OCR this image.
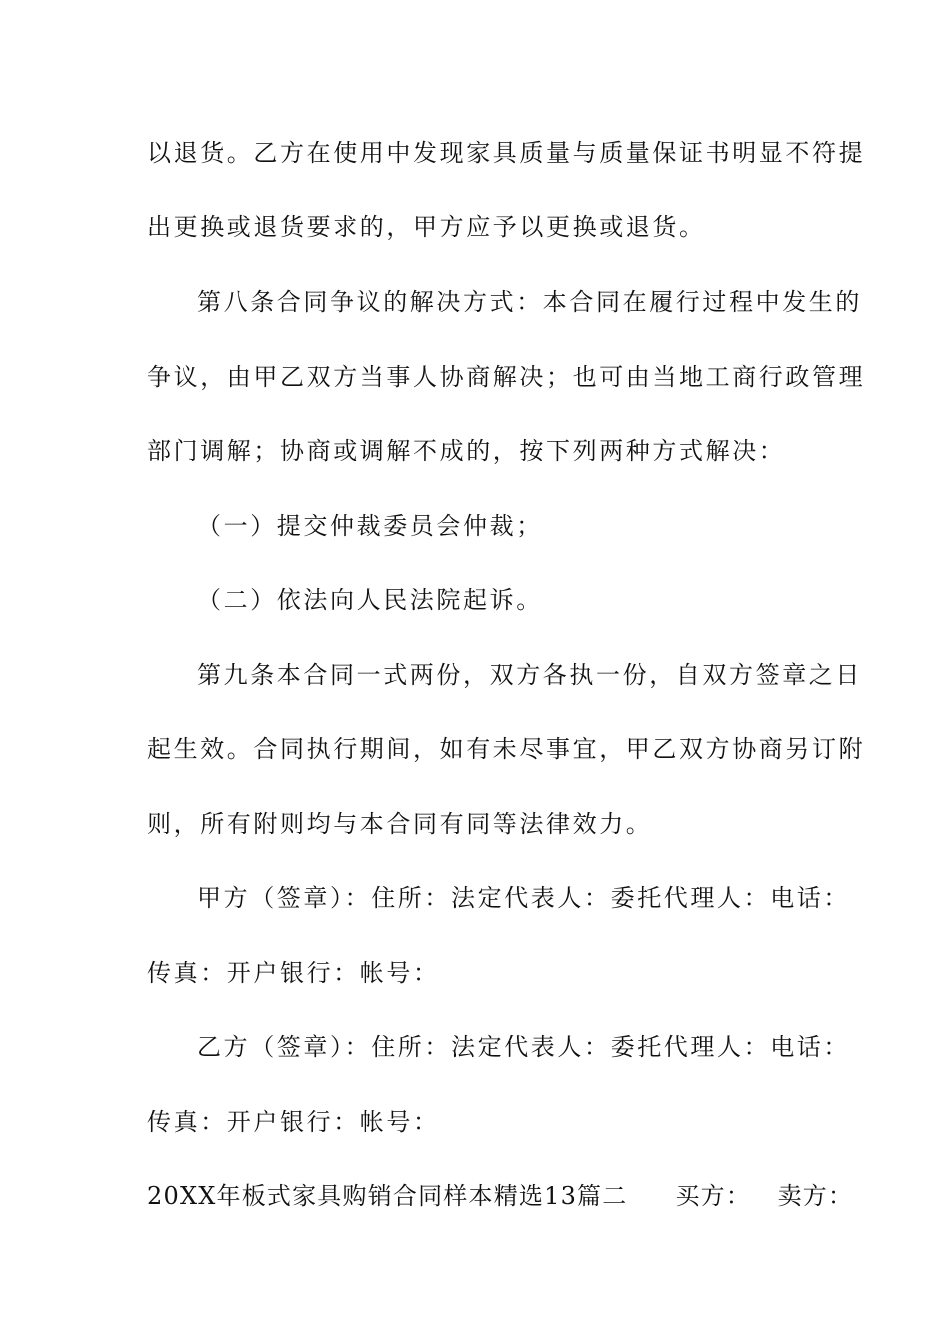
以退货。乙方在使用中发现家具质量与质量保证书明显不符提
出更换或退货要求的，甲方应予以更换或退货。
第八条合同争议的解决方式：本合同在履行过程中发生的
争议，由甲乙双方当事人协商解决；也可由当地工商行政管理
部门调解；协商或调解不成的，按下列两种方式解决：
（一）提交仲裁委员会仲裁；
（二）依法向人民法院起诉。
第九条本合同一式两份，双方各执一份，自双方签章之日
起生效。合同执行期间，如有未尽事宜，甲乙双方协商另订附
则，所有附则均与本合同有同等法律效力。
甲方（签章）：住所：法定代表人：委托代理人：电话：
传真：开户银行：帐号：
乙方（签章）：住所：法定代表人：委托代理人：电话：
传真：开户银行：帐号：
20XX年板式家具购销合同样本精选13篇二 买方： 卖方：
